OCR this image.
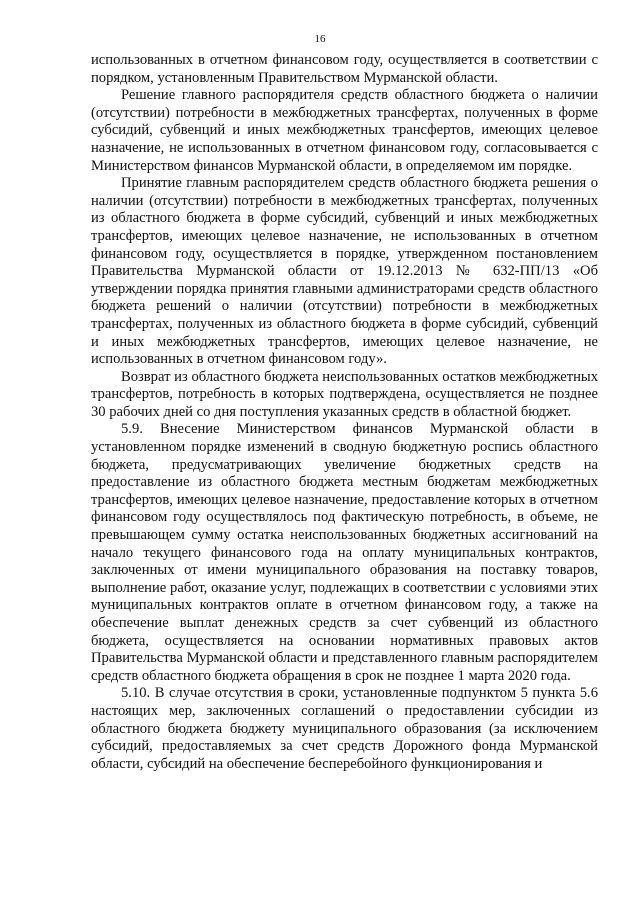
16

использованных в отчетном финансовом году, осуществляется в соответствии с порядком, установленным Правительством Мурманской области.

Решение главного распорядителя средств областного бюджета о наличии (отсутствии) потребности в межбюджетных трансфертах, полученных в форме субсидий, субвенций и иных межбюджетных трансфертов, имеющих целевое назначение, не использованных в отчетном финансовом году, согласовывается с Министерством финансов Мурманской области, в определяемом им порядке.

Принятие главным распорядителем средств областного бюджета решения о наличии (отсутствии) потребности в межбюджетных трансфертах, полученных из областного бюджета в форме субсидий, субвенций и иных межбюджетных трансфертов, имеющих целевое назначение, не использованных в отчетном финансовом году, осуществляется в порядке, утвержденном постановлением Правительства Мурманской области от 19.12.2013 № 632-ПП/13 «Об утверждении порядка принятия главными администраторами средств областного бюджета решений о наличии (отсутствии) потребности в межбюджетных трансфертах, полученных из областного бюджета в форме субсидий, субвенций и иных межбюджетных трансфертов, имеющих целевое назначение, не использованных в отчетном финансовом году».

Возврат из областного бюджета неиспользованных остатков межбюджетных трансфертов, потребность в которых подтверждена, осуществляется не позднее 30 рабочих дней со дня поступления указанных средств в областной бюджет.

5.9. Внесение Министерством финансов Мурманской области в установленном порядке изменений в сводную бюджетную роспись областного бюджета, предусматривающих увеличение бюджетных средств на предоставление из областного бюджета местным бюджетам межбюджетных трансфертов, имеющих целевое назначение, предоставление которых в отчетном финансовом году осуществлялось под фактическую потребность, в объеме, не превышающем сумму остатка неиспользованных бюджетных ассигнований на начало текущего финансового года на оплату муниципальных контрактов, заключенных от имени муниципального образования на поставку товаров, выполнение работ, оказание услуг, подлежащих в соответствии с условиями этих муниципальных контрактов оплате в отчетном финансовом году, а также на обеспечение выплат денежных средств за счет субвенций из областного бюджета, осуществляется на основании нормативных правовых актов Правительства Мурманской области и представленного главным распорядителем средств областного бюджета обращения в срок не позднее 1 марта 2020 года.

5.10. В случае отсутствия в сроки, установленные подпунктом 5 пункта 5.6 настоящих мер, заключенных соглашений о предоставлении субсидии из областного бюджета бюджету муниципального образования (за исключением субсидий, предоставляемых за счет средств Дорожного фонда Мурманской области, субсидий на обеспечение бесперебойного функционирования и
